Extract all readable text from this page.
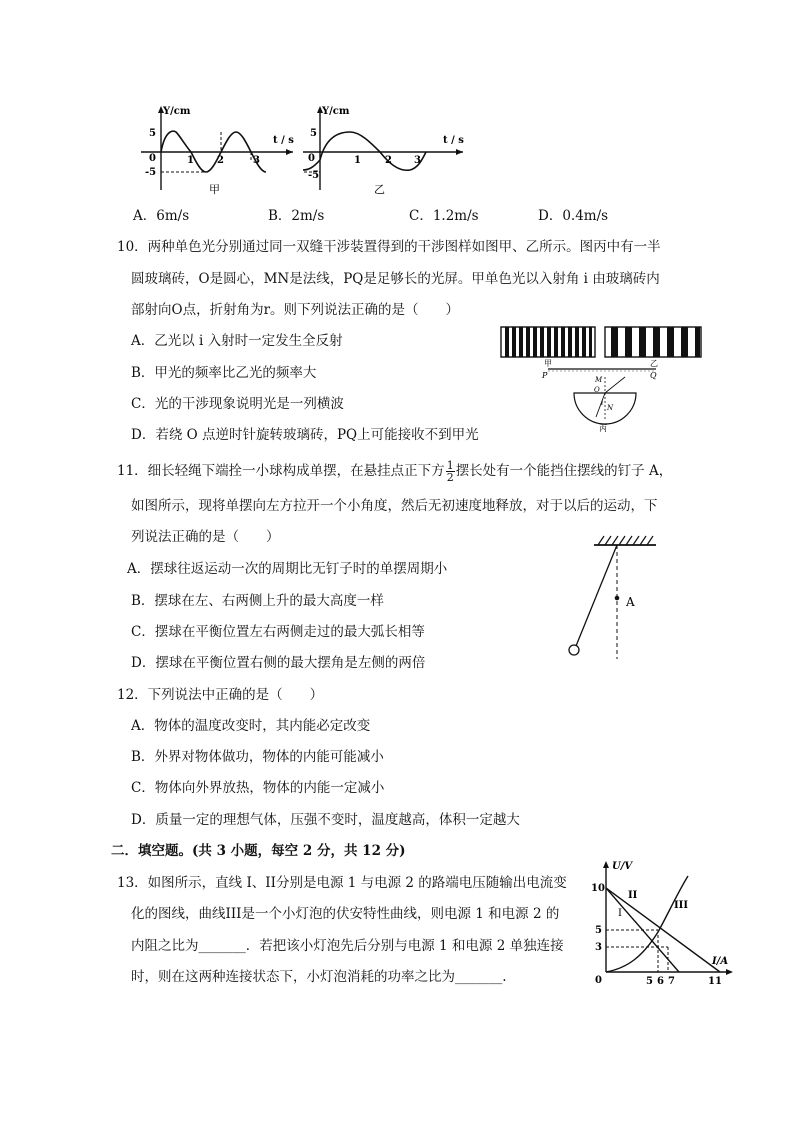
Y/cm
t / s
5
-5
0	1 2	3
甲
Y/cm
t / s
5
-5
0	1 2 3
乙
A．6m/s	B．2m/s	C．1.2m/s	D．0.4m/s
10．两种单色光分别通过同一双缝干涉装置得到的干涉图样如图甲、乙所示。图丙中有一半
圆玻璃砖，O是圆心，MN是法线，PQ是足够长的光屏。甲单色光以入射角 i 由玻璃砖内
部射向O点，折射角为r。则下列说法正确的是（　　）
A．乙光以 i 入射时一定发生全反射
B．甲光的频率比乙光的频率大
C．光的干涉现象说明光是一列横波
D．若绕 O 点逆时针旋转玻璃砖，PQ上可能接收不到甲光
甲	乙
P	Q
M
O
i
N
丙
11．细长轻绳下端拴一小球构成单摆，在悬挂点正下方 $\frac{1}{2}$ 摆长处有一个能挡住摆线的钉子 A，
如图所示，现将单摆向左方拉开一个小角度，然后无初速度地释放，对于以后的运动，下
列说法正确的是（　　）
A．摆球往返运动一次的周期比无钉子时的单摆周期小
B．摆球在左、右两侧上升的最大高度一样
C．摆球在平衡位置左右两侧走过的最大弧长相等
D．摆球在平衡位置右侧的最大摆角是左侧的两倍
A
12．下列说法中正确的是（　　）
A．物体的温度改变时，其内能必定改变
B．外界对物体做功，物体的内能可能减小
C．物体向外界放热，物体的内能一定减小
D．质量一定的理想气体，压强不变时，温度越高，体积一定越大
二．填空题。(共 3 小题，每空 2 分，共 12 分)
13．如图所示，直线 I、II分别是电源 1 与电源 2 的路端电压随输出电流变
化的图线，曲线III是一个小灯泡的伏安特性曲线，则电源 1 和电源 2 的
内阻之比为_______．若把该小灯泡先后分别与电源 1 和电源 2 单独连接
时，则在这两种连接状态下，小灯泡消耗的功率之比为_______.
U/V
I/A
10
5
3
0	5 6 7	11
II
I
III
